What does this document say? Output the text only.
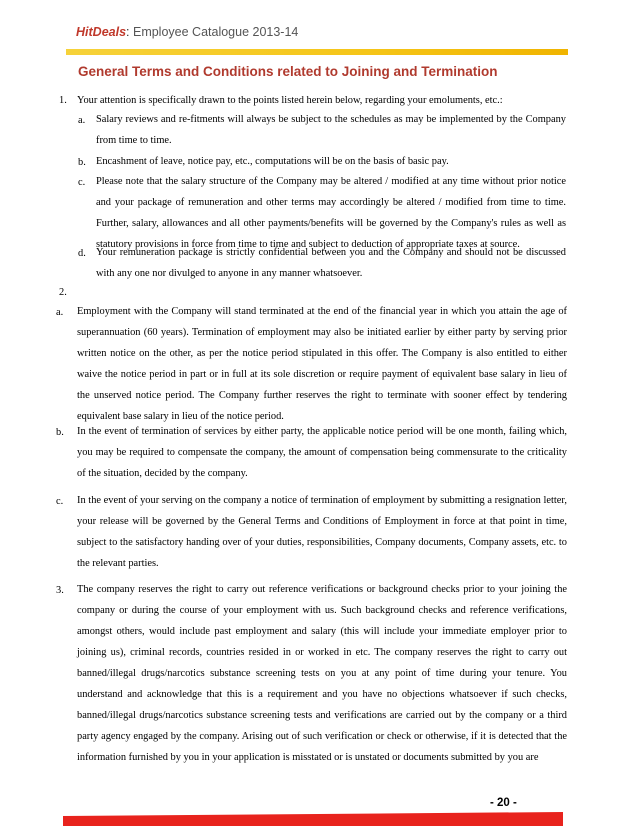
HitDeals: Employee Catalogue 2013-14
General Terms and Conditions related to Joining and Termination
1. Your attention is specifically drawn to the points listed herein below, regarding your emoluments, etc.:
a. Salary reviews and re-fitments will always be subject to the schedules as may be implemented by the Company from time to time.
b. Encashment of leave, notice pay, etc., computations will be on the basis of basic pay.
c. Please note that the salary structure of the Company may be altered / modified at any time without prior notice and your package of remuneration and other terms may accordingly be altered / modified from time to time. Further, salary, allowances and all other payments/benefits will be governed by the Company's rules as well as statutory provisions in force from time to time and subject to deduction of appropriate taxes at source.
d. Your remuneration package is strictly confidential between you and the Company and should not be discussed with any one nor divulged to anyone in any manner whatsoever.
2.
a. Employment with the Company will stand terminated at the end of the financial year in which you attain the age of superannuation (60 years). Termination of employment may also be initiated earlier by either party by serving prior written notice on the other, as per the notice period stipulated in this offer. The Company is also entitled to either waive the notice period in part or in full at its sole discretion or require payment of equivalent base salary in lieu of the unserved notice period. The Company further reserves the right to terminate with sooner effect by tendering equivalent base salary in lieu of the notice period.
b. In the event of termination of services by either party, the applicable notice period will be one month, failing which, you may be required to compensate the company, the amount of compensation being commensurate to the criticality of the situation, decided by the company.
c. In the event of your serving on the company a notice of termination of employment by submitting a resignation letter, your release will be governed by the General Terms and Conditions of Employment in force at that point in time, subject to the satisfactory handing over of your duties, responsibilities, Company documents, Company assets, etc. to the relevant parties.
3. The company reserves the right to carry out reference verifications or background checks prior to your joining the company or during the course of your employment with us. Such background checks and reference verifications, amongst others, would include past employment and salary (this will include your immediate employer prior to joining us), criminal records, countries resided in or worked in etc. The company reserves the right to carry out banned/illegal drugs/narcotics substance screening tests on you at any point of time during your tenure. You understand and acknowledge that this is a requirement and you have no objections whatsoever if such checks, banned/illegal drugs/narcotics substance screening tests and verifications are carried out by the company or a third party agency engaged by the company. Arising out of such verification or check or otherwise, if it is detected that the information furnished by you in your application is misstated or is unstated or documents submitted by you are
- 20 -
